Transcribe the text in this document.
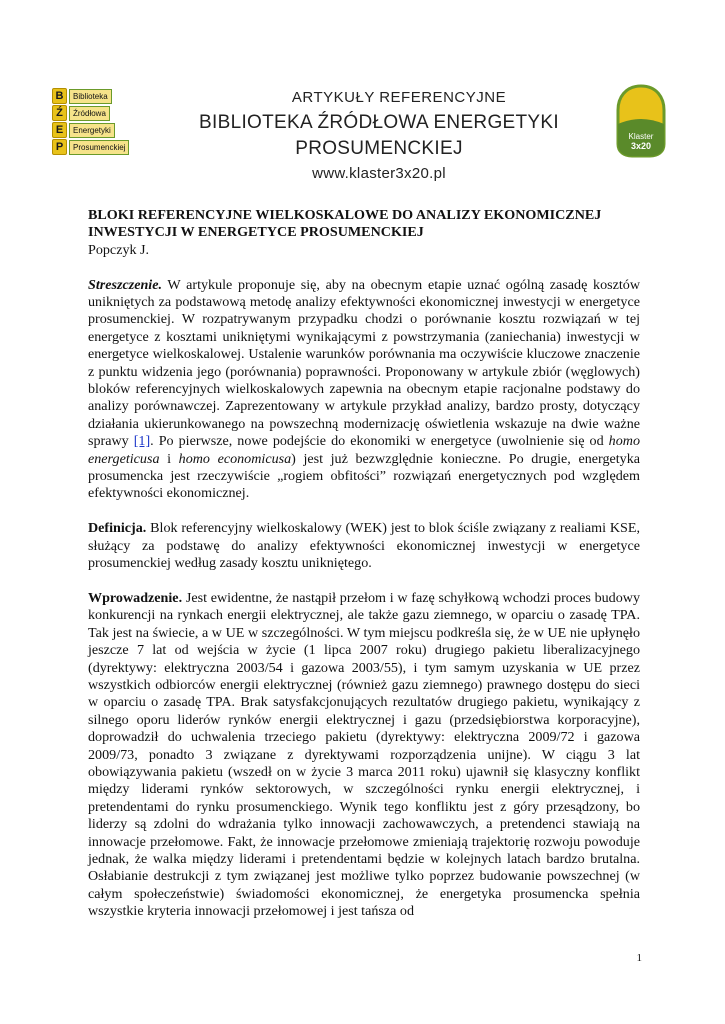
B	Biblioteka
Ź	Źródłowa
E	Energetyki
P	Prosumenckiej
ARTYKUŁY REFERENCYJNE
BIBLIOTEKA ŹRÓDŁOWA ENERGETYKI PROSUMENCKIEJ
www.klaster3x20.pl
Klaster
3x20
BLOKI REFERENCYJNE WIELKOSKALOWE DO ANALIZY EKONOMICZNEJ INWESTYCJI W ENERGETYCE PROSUMENCKIEJ
Popczyk J.
Streszczenie. W artykule proponuje się, aby na obecnym etapie uznać ogólną zasadę kosztów unikniętych za podstawową metodę analizy efektywności ekonomicznej inwestycji w energetyce prosumenckiej. W rozpatrywanym przypadku chodzi o porównanie kosztu rozwiązań w tej energetyce z kosztami unikniętymi wynikającymi z powstrzymania (zaniechania) inwestycji w energetyce wielkoskalowej. Ustalenie warunków porównania ma oczywiście kluczowe znaczenie z punktu widzenia jego (porównania) poprawności. Proponowany w artykule zbiór (węglowych) bloków referencyjnych wielkoskalowych zapewnia na obecnym etapie racjonalne podstawy do analizy porównawczej. Zaprezentowany w artykule przykład analizy, bardzo prosty, dotyczący działania ukierunkowanego na powszechną modernizację oświetlenia wskazuje na dwie ważne sprawy [1]. Po pierwsze, nowe podejście do ekonomiki w energetyce (uwolnienie się od homo energeticusa i homo economicusa) jest już bezwzględnie konieczne. Po drugie, energetyka prosumencka jest rzeczywiście „rogiem obfitości” rozwiązań energetycznych pod względem efektywności ekonomicznej.
Definicja. Blok referencyjny wielkoskalowy (WEK) jest to blok ściśle związany z realiami KSE, służący za podstawę do analizy efektywności ekonomicznej inwestycji w energetyce prosumenckiej według zasady kosztu unikniętego.
Wprowadzenie. Jest ewidentne, że nastąpił przełom i w fazę schyłkową wchodzi proces budowy konkurencji na rynkach energii elektrycznej, ale także gazu ziemnego, w oparciu o zasadę TPA. Tak jest na świecie, a w UE w szczególności. W tym miejscu podkreśla się, że w UE nie upłynęło jeszcze 7 lat od wejścia w życie (1 lipca 2007 roku) drugiego pakietu liberalizacyjnego (dyrektywy: elektryczna 2003/54 i gazowa 2003/55), i tym samym uzyskania w UE przez wszystkich odbiorców energii elektrycznej (również gazu ziemnego) prawnego dostępu do sieci w oparciu o zasadę TPA. Brak satysfakcjonujących rezultatów drugiego pakietu, wynikający z silnego oporu liderów rynków energii elektrycznej i gazu (przedsiębiorstwa korporacyjne), doprowadził do uchwalenia trzeciego pakietu (dyrektywy: elektryczna 2009/72 i gazowa 2009/73, ponadto 3 związane z dyrektywami rozporządzenia unijne). W ciągu 3 lat obowiązywania pakietu (wszedł on w życie 3 marca 2011 roku) ujawnił się klasyczny konflikt między liderami rynków sektorowych, w szczególności rynku energii elektrycznej, i pretendentami do rynku prosumenckiego. Wynik tego konfliktu jest z góry przesądzony, bo liderzy są zdolni do wdrażania tylko innowacji zachowawczych, a pretendenci stawiają na innowacje przełomowe. Fakt, że innowacje przełomowe zmieniają trajektorię rozwoju powoduje jednak, że walka między liderami i pretendentami będzie w kolejnych latach bardzo brutalna. Osłabianie destrukcji z tym związanej jest możliwe tylko poprzez budowanie powszechnej (w całym społeczeństwie) świadomości ekonomicznej, że energetyka prosumencka spełnia wszystkie kryteria innowacji przełomowej i jest tańsza od
1
